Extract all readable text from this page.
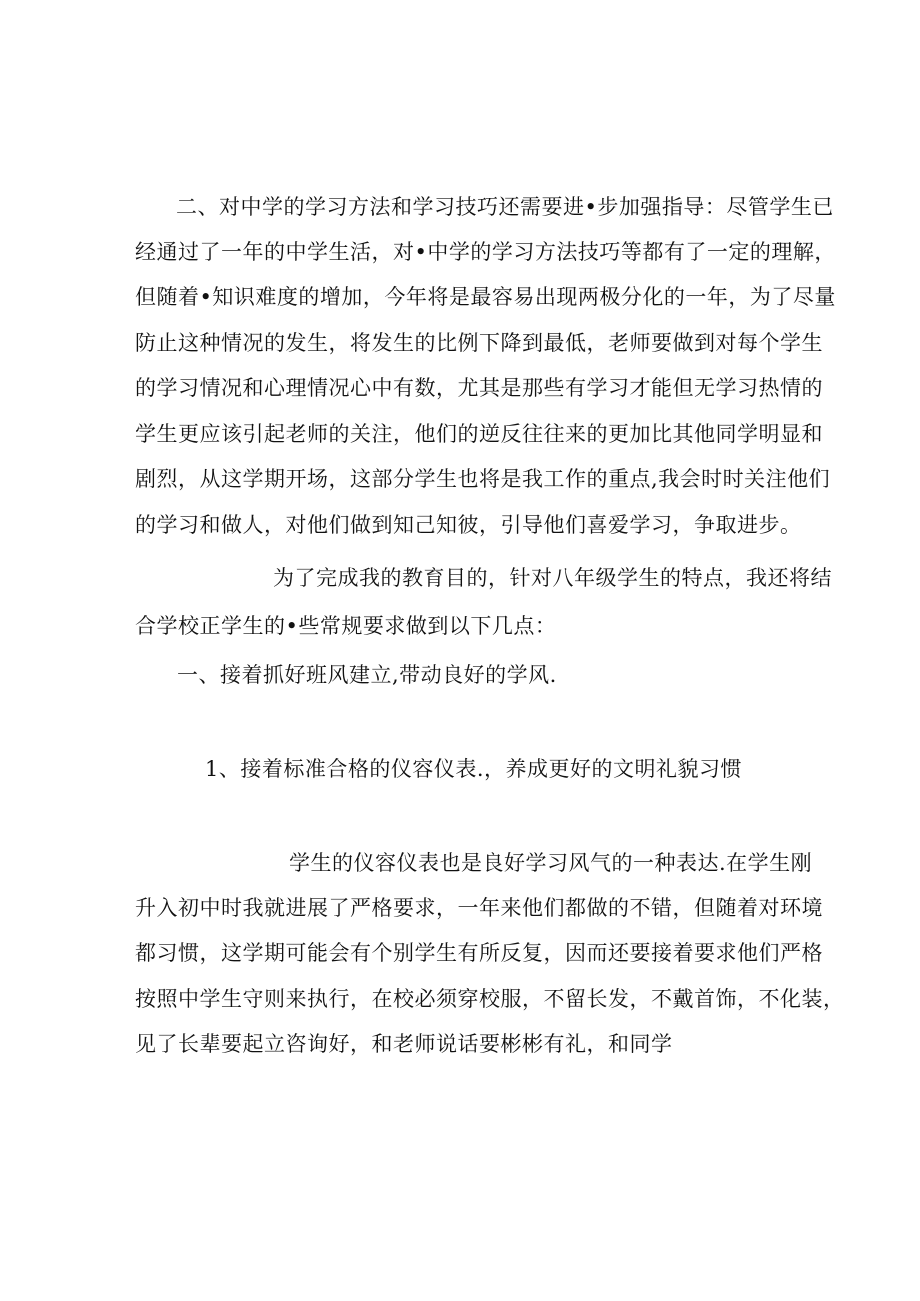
二、对中学的学习方法和学习技巧还需要进•步加强指导：尽管学生已
经通过了一年的中学生活，对•中学的学习方法技巧等都有了一定的理解，
但随着•知识难度的增加，今年将是最容易出现两极分化的一年，为了尽量
防止这种情况的发生，将发生的比例下降到最低，老师要做到对每个学生
的学习情况和心理情况心中有数，尤其是那些有学习才能但无学习热情的
学生更应该引起老师的关注，他们的逆反往往来的更加比其他同学明显和
剧烈，从这学期开场，这部分学生也将是我工作的重点,我会时时关注他们
的学习和做人，对他们做到知己知彼，引导他们喜爱学习，争取进步。
为了完成我的教育目的，针对八年级学生的特点，我还将结
合学校正学生的•些常规要求做到以下几点：
一、接着抓好班风建立,带动良好的学风.
1、接着标准合格的仪容仪表.，养成更好的文明礼貌习惯
学生的仪容仪表也是良好学习风气的一种表达.在学生刚
升入初中时我就进展了严格要求，一年来他们都做的不错，但随着对环境
都习惯，这学期可能会有个别学生有所反复，因而还要接着要求他们严格
按照中学生守则来执行，在校必须穿校服，不留长发，不戴首饰，不化装，
见了长辈要起立咨询好，和老师说话要彬彬有礼，和同学
